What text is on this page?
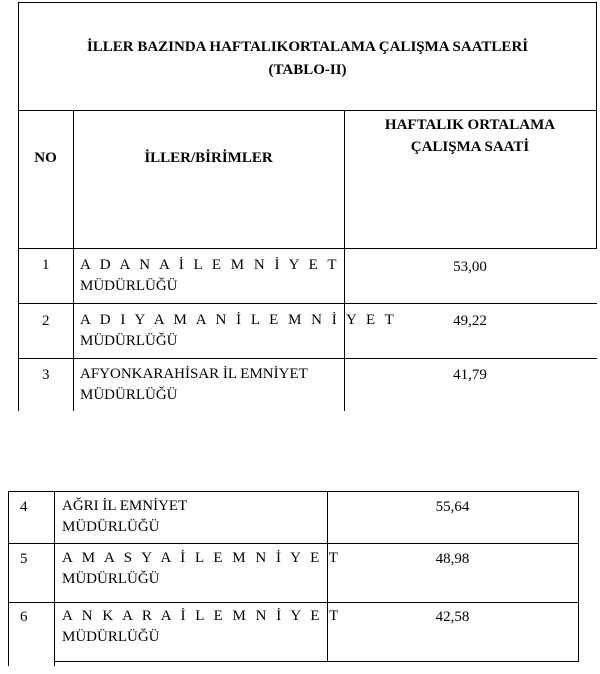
İLLER BAZINDA HAFTALIKORTALAMA ÇALIŞMA SAATLERİ
(TABLO-II)
NO	İLLER/BİRİMLER
HAFTALIK ORTALAMA
ÇALIŞMA SAATİ
1 A D A N A İ L E M N İ Y E T
MÜDÜRLÜĞÜ
53,00
2 A D I Y A M A N İ L E M N İ Y E T
MÜDÜRLÜĞÜ
49,22
3 AFYONKARAHİSAR İL EMNİYET
MÜDÜRLÜĞÜ
41,79
4 AĞRI İL EMNİYET
MÜDÜRLÜĞÜ
55,64
5 A M A S Y A İ L E M N İ Y E T
MÜDÜRLÜĞÜ
48,98
6 A N K A R A İ L E M N İ Y E T
MÜDÜRLÜĞÜ
42,58
